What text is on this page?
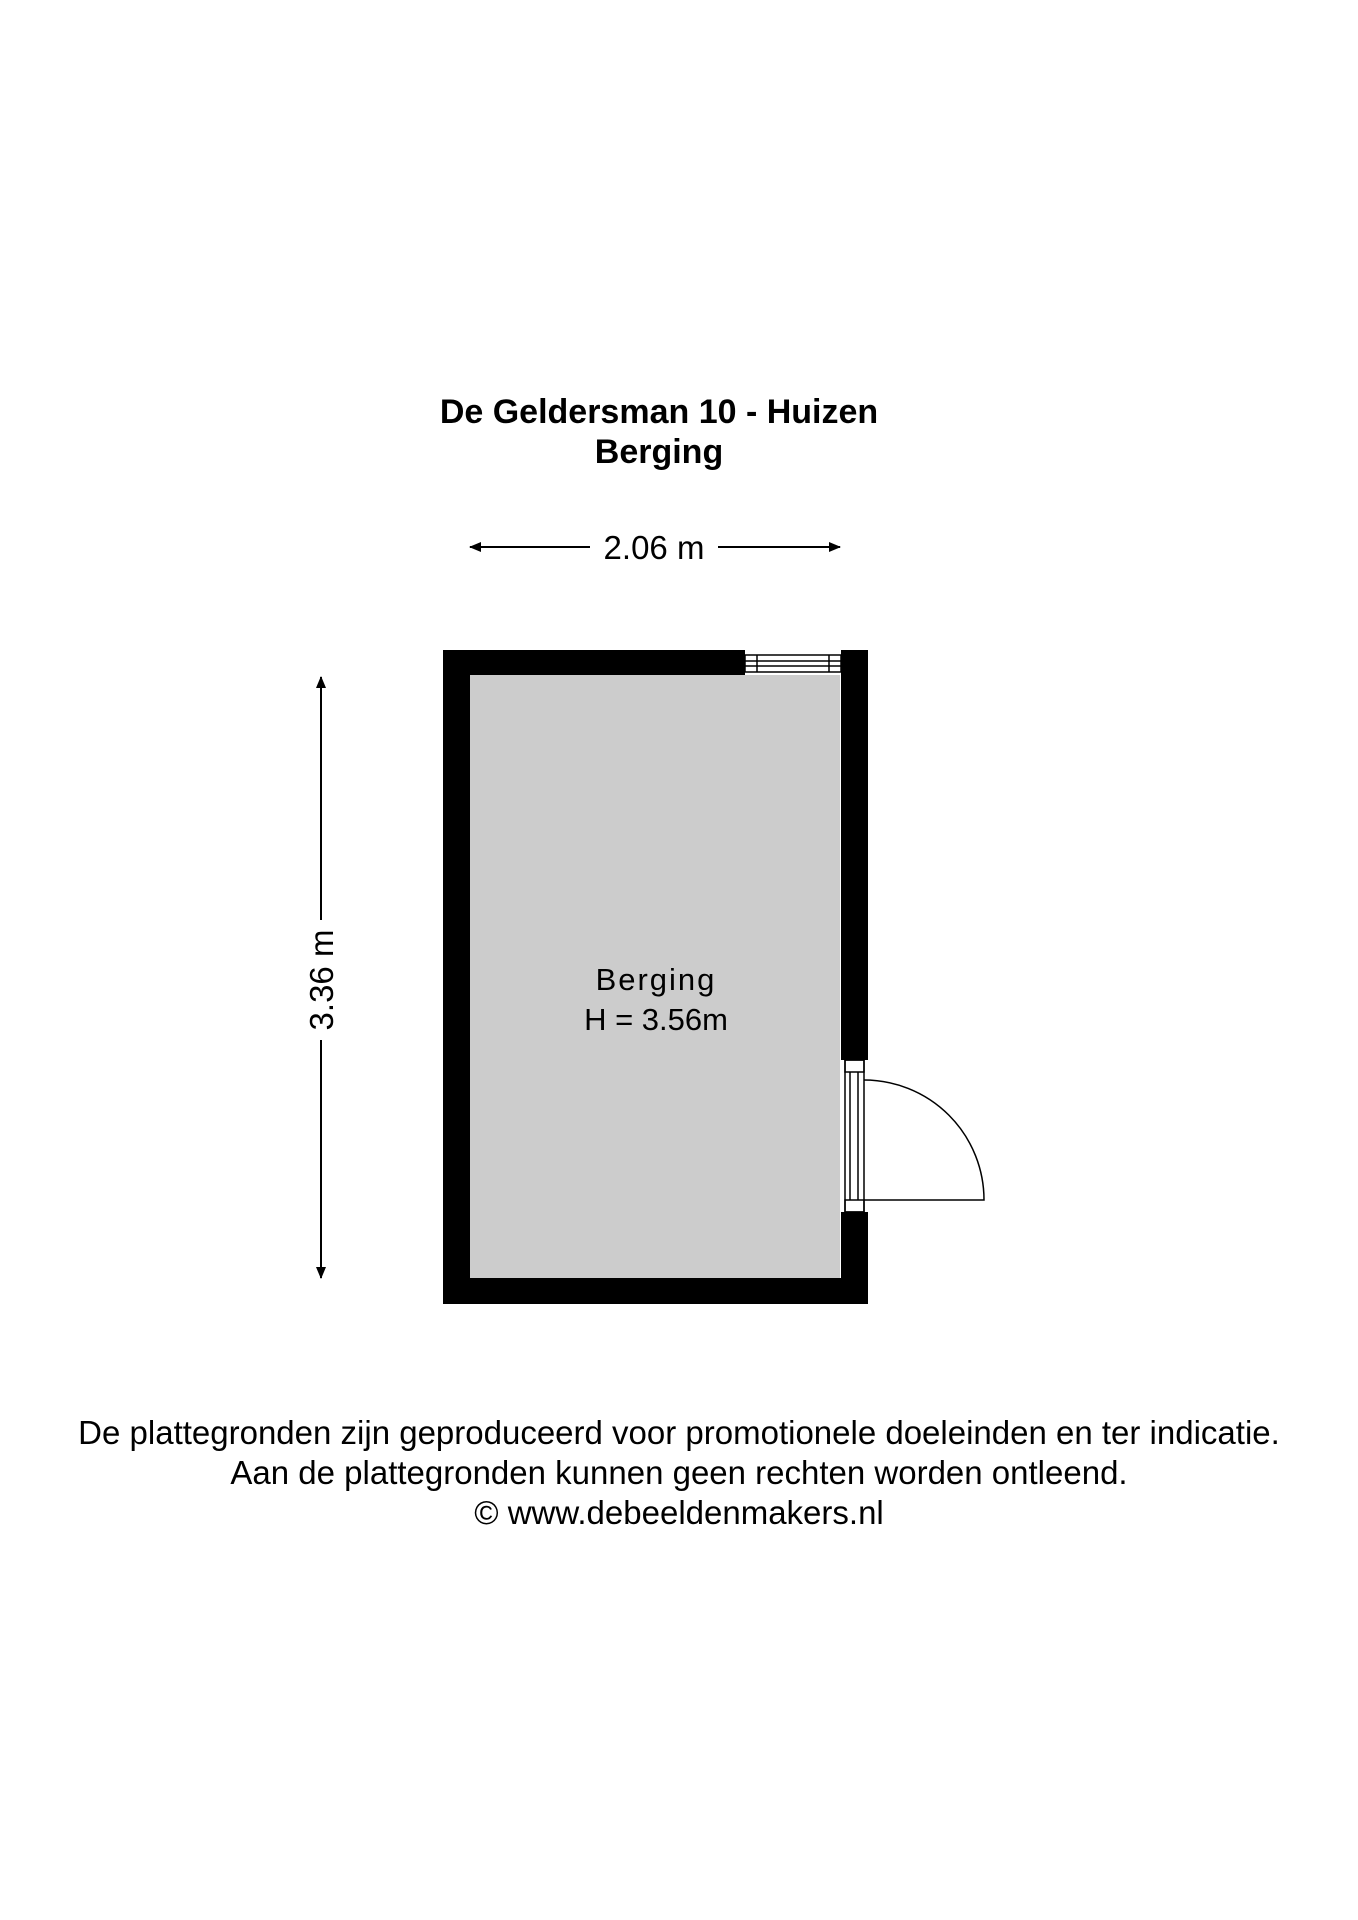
De Geldersman 10 - Huizen
Berging
2.06 m
3.36 m	Berging
H = 3.56m
De plattegronden zijn geproduceerd voor promotionele doeleinden en ter indicatie.
Aan de plattegronden kunnen geen rechten worden ontleend.
© www.debeeldenmakers.nl
